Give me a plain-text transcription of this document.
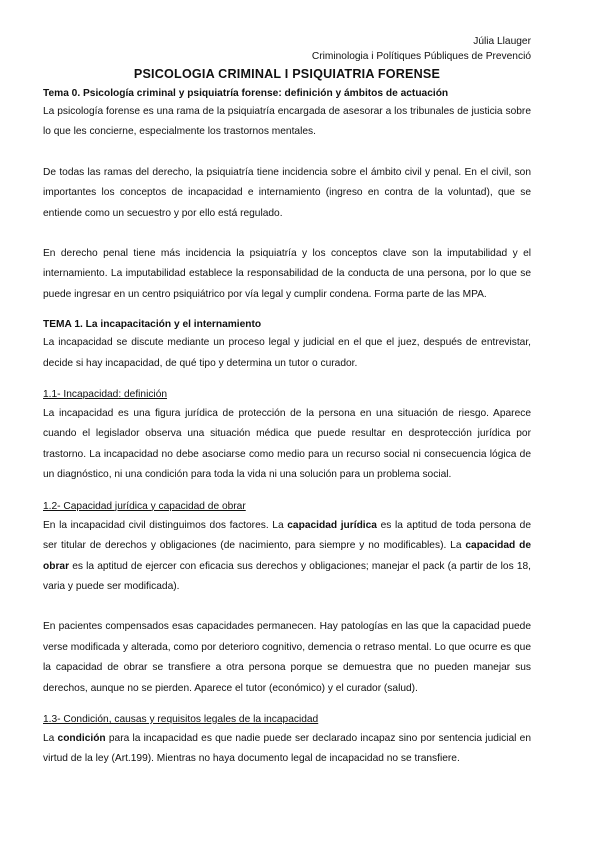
Júlia Llauger
Criminologia i Polítiques Públiques de Prevenció
PSICOLOGIA CRIMINAL I PSIQUIATRIA FORENSE
Tema 0. Psicología criminal y psiquiatría forense: definición y ámbitos de actuación

La psicología forense es una rama de la psiquiatría encargada de asesorar a los tribunales de justicia sobre lo que les concierne, especialmente los trastornos mentales.

De todas las ramas del derecho, la psiquiatría tiene incidencia sobre el ámbito civil y penal. En el civil, son importantes los conceptos de incapacidad e internamiento (ingreso en contra de la voluntad), que se entiende como un secuestro y por ello está regulado.

En derecho penal tiene más incidencia la psiquiatría y los conceptos clave son la imputabilidad y el internamiento. La imputabilidad establece la responsabilidad de la conducta de una persona, por lo que se puede ingresar en un centro psiquiátrico por vía legal y cumplir condena. Forma parte de las MPA.

TEMA 1. La incapacitación y el internamiento

La incapacidad se discute mediante un proceso legal y judicial en el que el juez, después de entrevistar, decide si hay incapacidad, de qué tipo y determina un tutor o curador.

1.1- Incapacidad: definición

La incapacidad es una figura jurídica de protección de la persona en una situación de riesgo. Aparece cuando el legislador observa una situación médica que puede resultar en desprotección jurídica por trastorno. La incapacidad no debe asociarse como medio para un recurso social ni consecuencia lógica de un diagnóstico, ni una condición para toda la vida ni una solución para un problema social.

1.2- Capacidad jurídica y capacidad de obrar

En la incapacidad civil distinguimos dos factores. La capacidad jurídica es la aptitud de toda persona de ser titular de derechos y obligaciones (de nacimiento, para siempre y no modificables). La capacidad de obrar es la aptitud de ejercer con eficacia sus derechos y obligaciones; manejar el pack (a partir de los 18, varia y puede ser modificada).

En pacientes compensados esas capacidades permanecen. Hay patologías en las que la capacidad puede verse modificada y alterada, como por deterioro cognitivo, demencia o retraso mental. Lo que ocurre es que la capacidad de obrar se transfiere a otra persona porque se demuestra que no pueden manejar sus derechos, aunque no se pierden. Aparece el tutor (económico) y el curador (salud).

1.3- Condición, causas y requisitos legales de la incapacidad

La condición para la incapacidad es que nadie puede ser declarado incapaz sino por sentencia judicial en virtud de la ley (Art.199). Mientras no haya documento legal de incapacidad no se transfiere.
